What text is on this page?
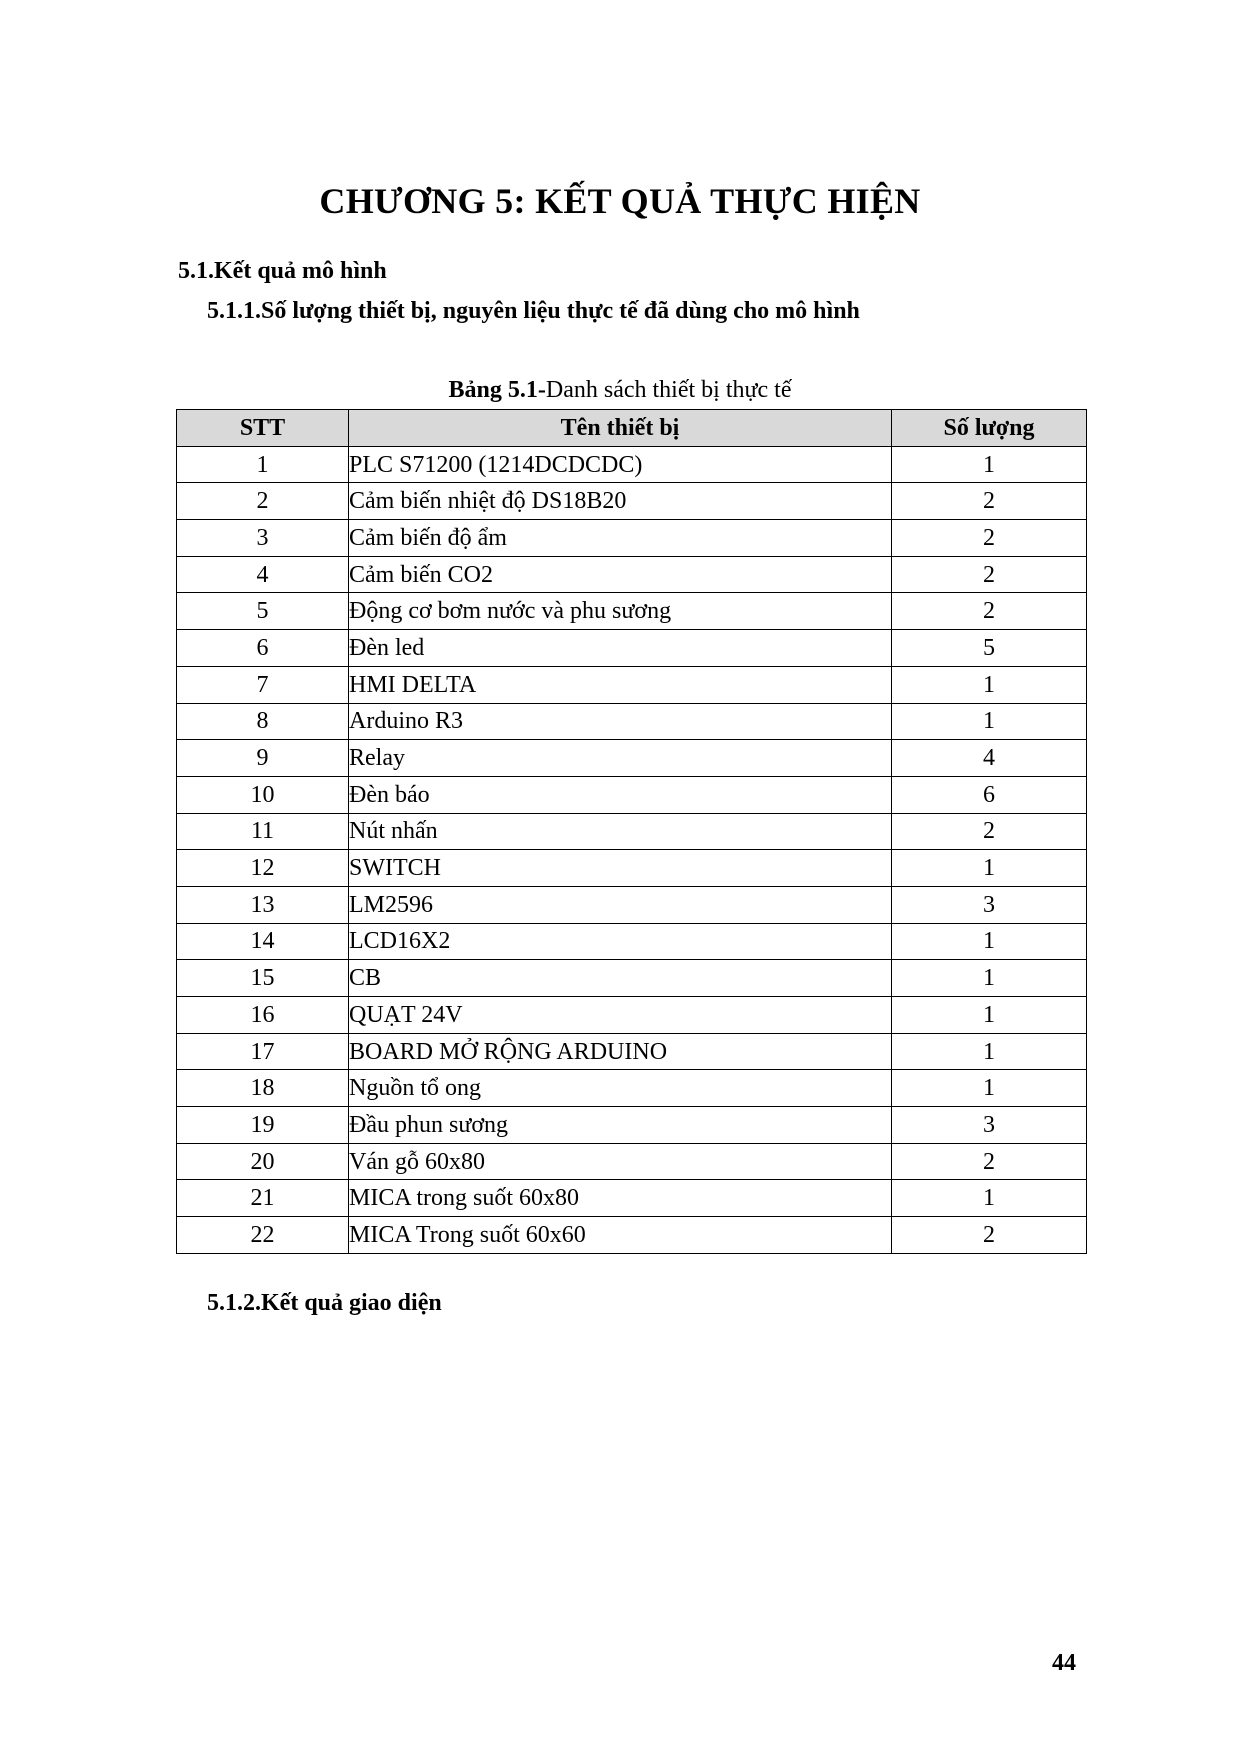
CHƯƠNG 5: KẾT QUẢ THỰC HIỆN
5.1.Kết quả mô hình
5.1.1.Số lượng thiết bị, nguyên liệu thực tế đã dùng cho mô hình
Bảng 5.1-Danh sách thiết bị thực tế
STT	Tên thiết bị	Số lượng
1	PLC S71200 (1214DCDCDC)	1
2	Cảm biến nhiệt độ DS18B20	2
3	Cảm biến độ ẩm	2
4	Cảm biến CO2	2
5	Động cơ bơm nước và phu sương	2
6	Đèn led	5
7	HMI DELTA	1
8	Arduino R3	1
9	Relay	4
10	Đèn báo	6
11	Nút nhấn	2
12	SWITCH	1
13	LM2596	3
14	LCD16X2	1
15	CB	1
16	QUẠT 24V	1
17	BOARD MỞ RỘNG ARDUINO	1
18	Nguồn tổ ong	1
19	Đầu phun sương	3
20	Ván gỗ 60x80	2
21	MICA trong suốt 60x80	1
22	MICA Trong suốt 60x60	2
5.1.2.Kết quả giao diện
44
